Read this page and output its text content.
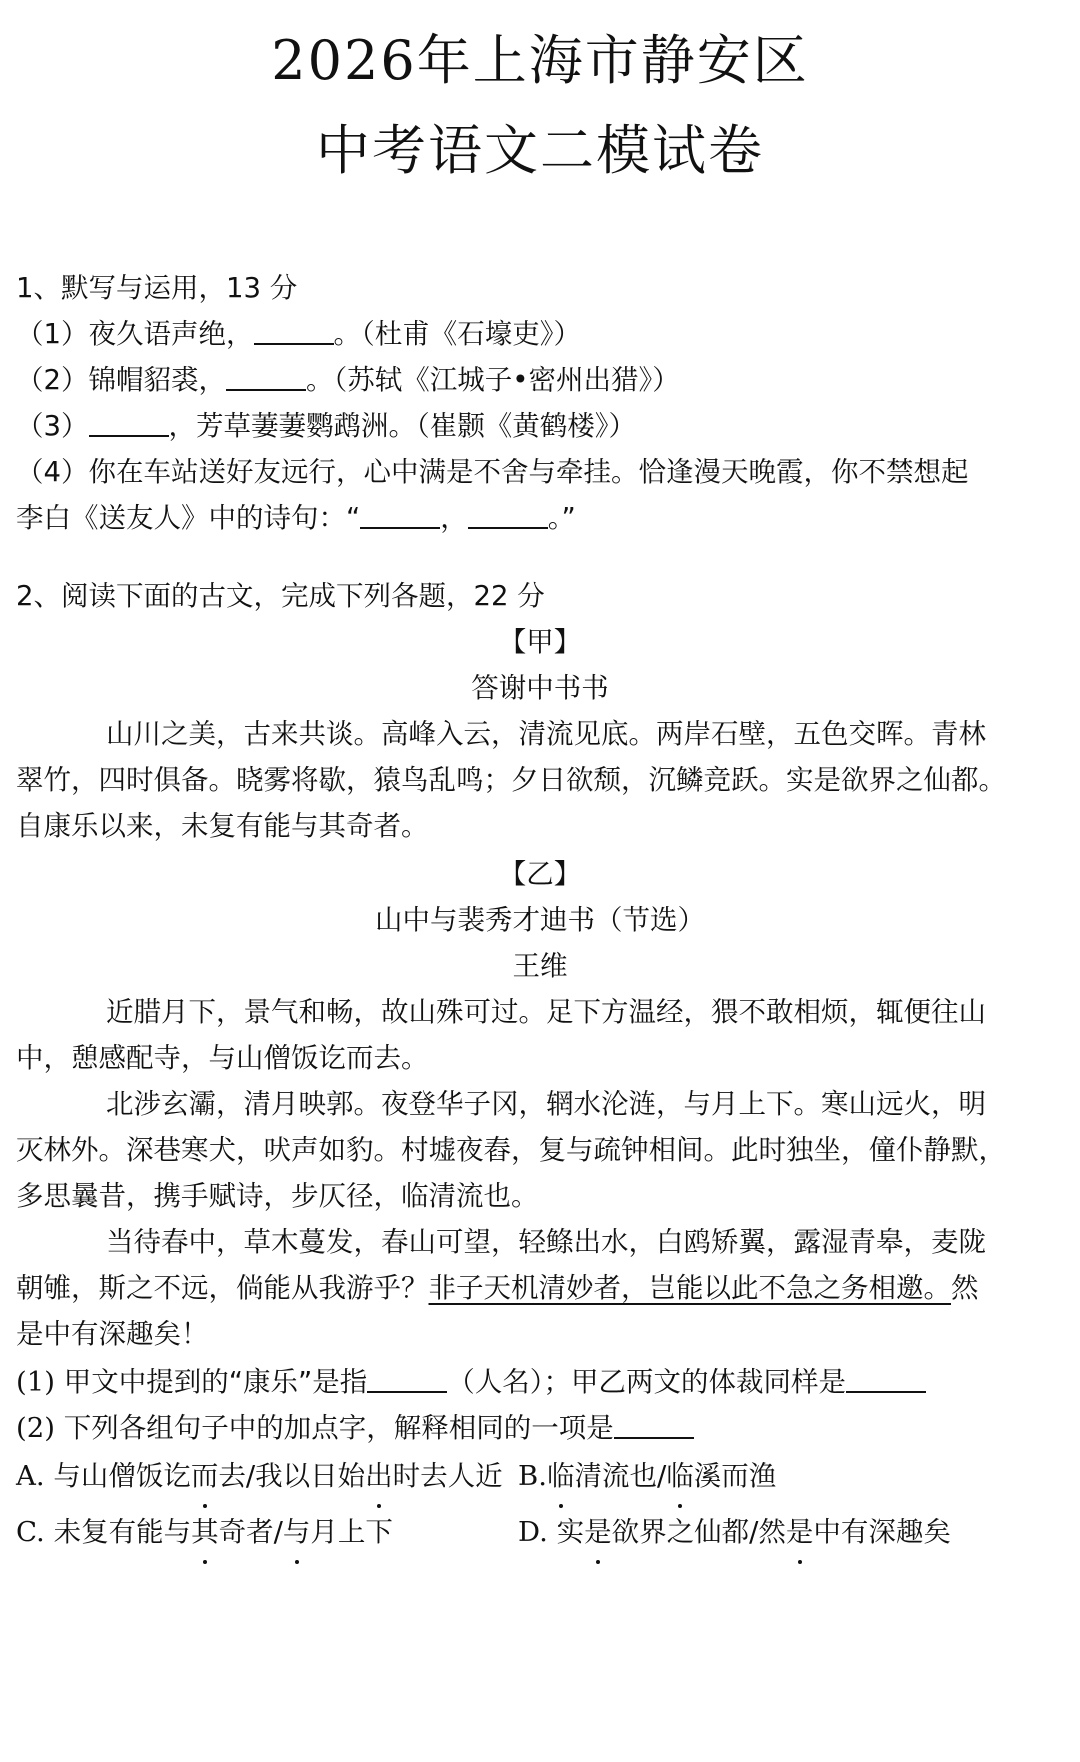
2026年上海市静安区
中考语文二模试卷
1、默写与运用，13 分
（1）夜久语声绝，	。（杜甫《石壕吏》）
（2）锦帽貂裘，	。（苏轼《江城子•密州出猎》）
（3）	，芳草萋萋鹦鹉洲。（崔颢《黄鹤楼》）
（4）你在车站送好友远行，心中满是不舍与牵挂。恰逢漫天晚霞，你不禁想起
李白《送友人》中的诗句：“	，	。”
2、阅读下面的古文，完成下列各题，22 分
【甲】
答谢中书书
山川之美，古来共谈。高峰入云，清流见底。两岸石壁，五色交晖。青林
翠竹，四时俱备。晓雾将歇，猿鸟乱鸣；夕日欲颓，沉鳞竞跃。实是欲界之仙都。
自康乐以来，未复有能与其奇者。
【乙】
山中与裴秀才迪书（节选）
王维
近腊月下，景气和畅，故山殊可过。足下方温经，猥不敢相烦，辄便往山
中，憩感配寺，与山僧饭讫而去。
北涉玄灞，清月映郭。夜登华子冈，辋水沦涟，与月上下。寒山远火，明
灭林外。深巷寒犬，吠声如豹。村墟夜舂，复与疏钟相间。此时独坐，僮仆静默，
多思曩昔，携手赋诗，步仄径，临清流也。
当待春中，草木蔓发，春山可望，轻鲦出水，白鸥矫翼，露湿青皋，麦陇
朝雊，斯之不远，倘能从我游乎？非子天机清妙者，岂能以此不急之务相邀。然
是中有深趣矣！
(1) 甲文中提到的“康乐”是指	（人名）；甲乙两文的体裁同样是
(2) 下列各组句子中的加点字，解释相同的一项是
A. 与山僧饭讫而去/我以日始出时去人近 B.临清流也/临溪而渔
C. 未复有能与其奇者/与月上下	D. 实是欲界之仙都/然是中有深趣矣
